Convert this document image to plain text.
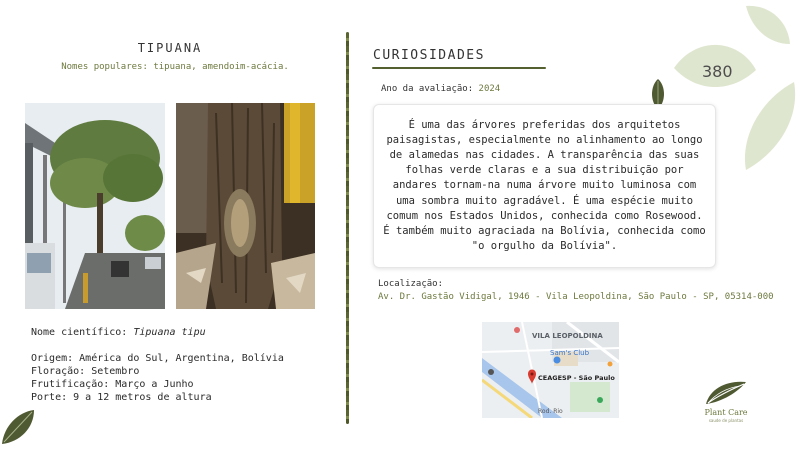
380
TIPUANA
Nomes populares: tipuana, amendoim-acácia.
Nome científico: Tipuana tipu
Origem: América do Sul, Argentina, Bolívia
Floração: Setembro
Frutificação: Março a Junho
Porte: 9 a 12 metros de altura
CURIOSIDADES
Ano da avaliação: 2024

É uma das árvores preferidas dos arquitetos paisagistas, especialmente no alinhamento ao longo de alamedas nas cidades. A transparência das suas folhas verde claras e a sua distribuição por andares tornam-na numa árvore muito luminosa com uma sombra muito agradável. É uma espécie muito comum nos Estados Unidos, conhecida como Rosewood. É também muito agraciada na Bolívia, conhecida como "o orgulho da Bolívia".

Localização:
Av. Dr. Gastão Vidigal, 1946 - Vila Leopoldina, São Paulo - SP, 05314-000
VILA LEOPOLDINA
Sam's Club
CEAGESP - São Paulo
Rod. Rio	Plant Care
saude de plantas
